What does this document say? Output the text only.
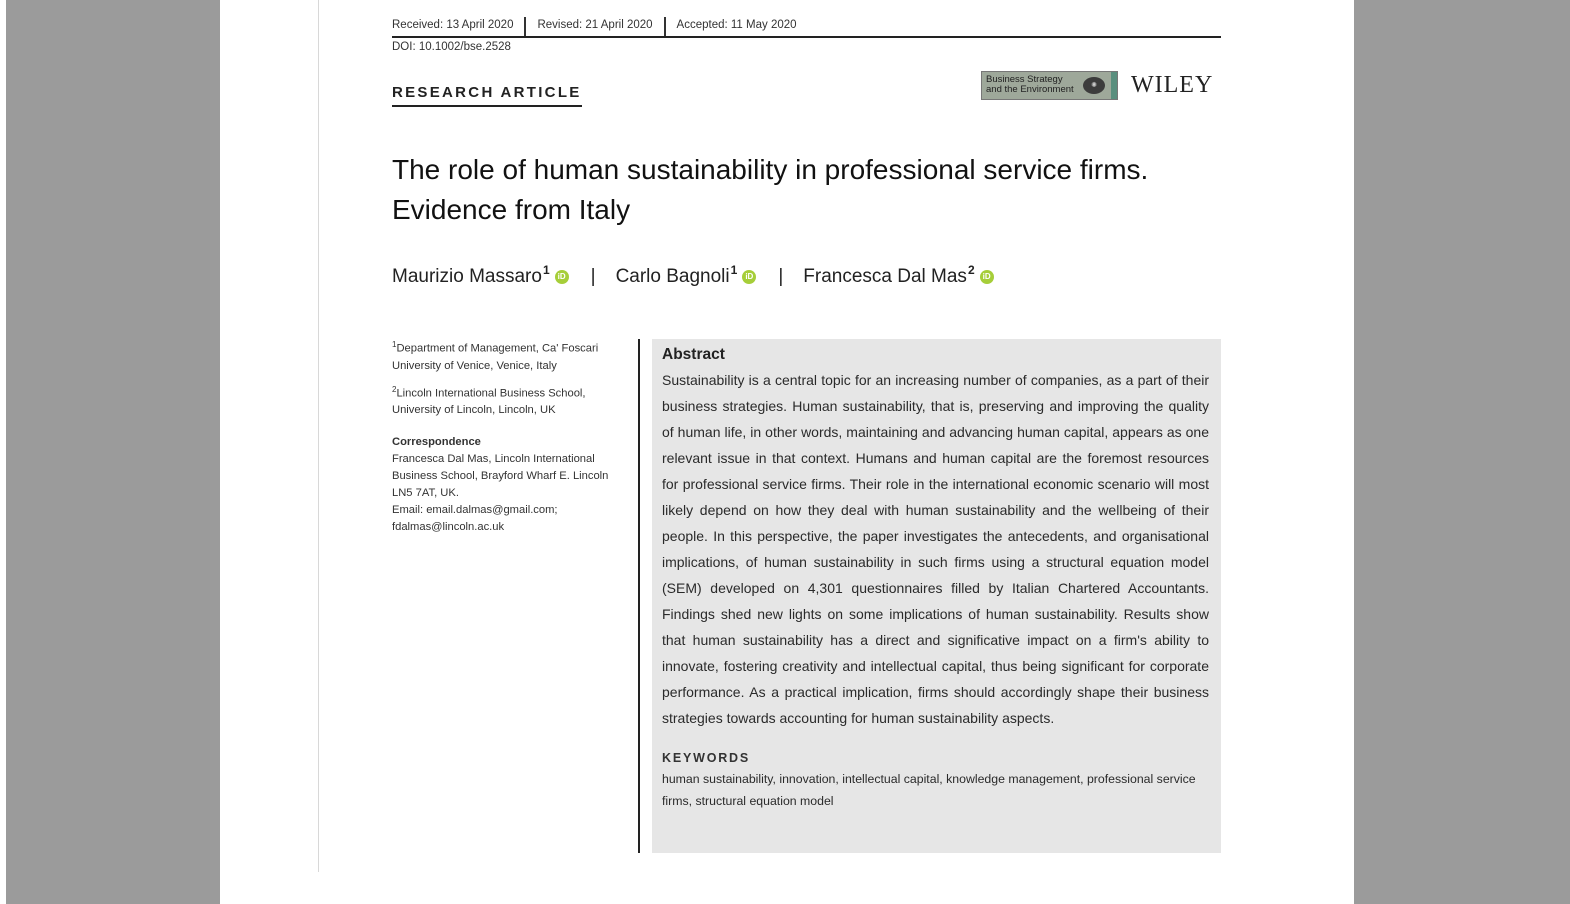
Received: 13 April 2020	Revised: 21 April 2020	Accepted: 11 May 2020
DOI: 10.1002/bse.2528
RESEARCH ARTICLE
Business Strategy
and the Environment	✺	WILEY
The role of human sustainability in professional service firms.
Evidence from Italy
Maurizio Massaro$^1$	iD | Carlo Bagnoli$^1$	iD | Francesca Dal Mas$^2$	iD

$^1$Department of Management, Ca' Foscari University of Venice, Venice, Italy

$^2$Lincoln International Business School, University of Lincoln, Lincoln, UK

Correspondence

Francesca Dal Mas, Lincoln International Business School, Brayford Wharf E. Lincoln LN5 7AT, UK.

Email: email.dalmas@gmail.com; fdalmas@lincoln.ac.uk

Abstract

Sustainability is a central topic for an increasing number of companies, as a part of their business strategies. Human sustainability, that is, preserving and improving the quality of human life, in other words, maintaining and advancing human capital, appears as one relevant issue in that context. Humans and human capital are the foremost resources for professional service firms. Their role in the international economic scenario will most likely depend on how they deal with human sustainability and the wellbeing of their people. In this perspective, the paper investigates the antecedents, and organisational implications, of human sustainability in such firms using a structural equation model (SEM) developed on 4,301 questionnaires filled by Italian Chartered Accountants. Findings shed new lights on some implications of human sustainability. Results show that human sustainability has a direct and significative impact on a firm's ability to innovate, fostering creativity and intellectual capital, thus being significant for corporate performance. As a practical implication, firms should accordingly shape their business strategies towards accounting for human sustainability aspects.

KEYWORDS

human sustainability, innovation, intellectual capital, knowledge management, professional service firms, structural equation model
